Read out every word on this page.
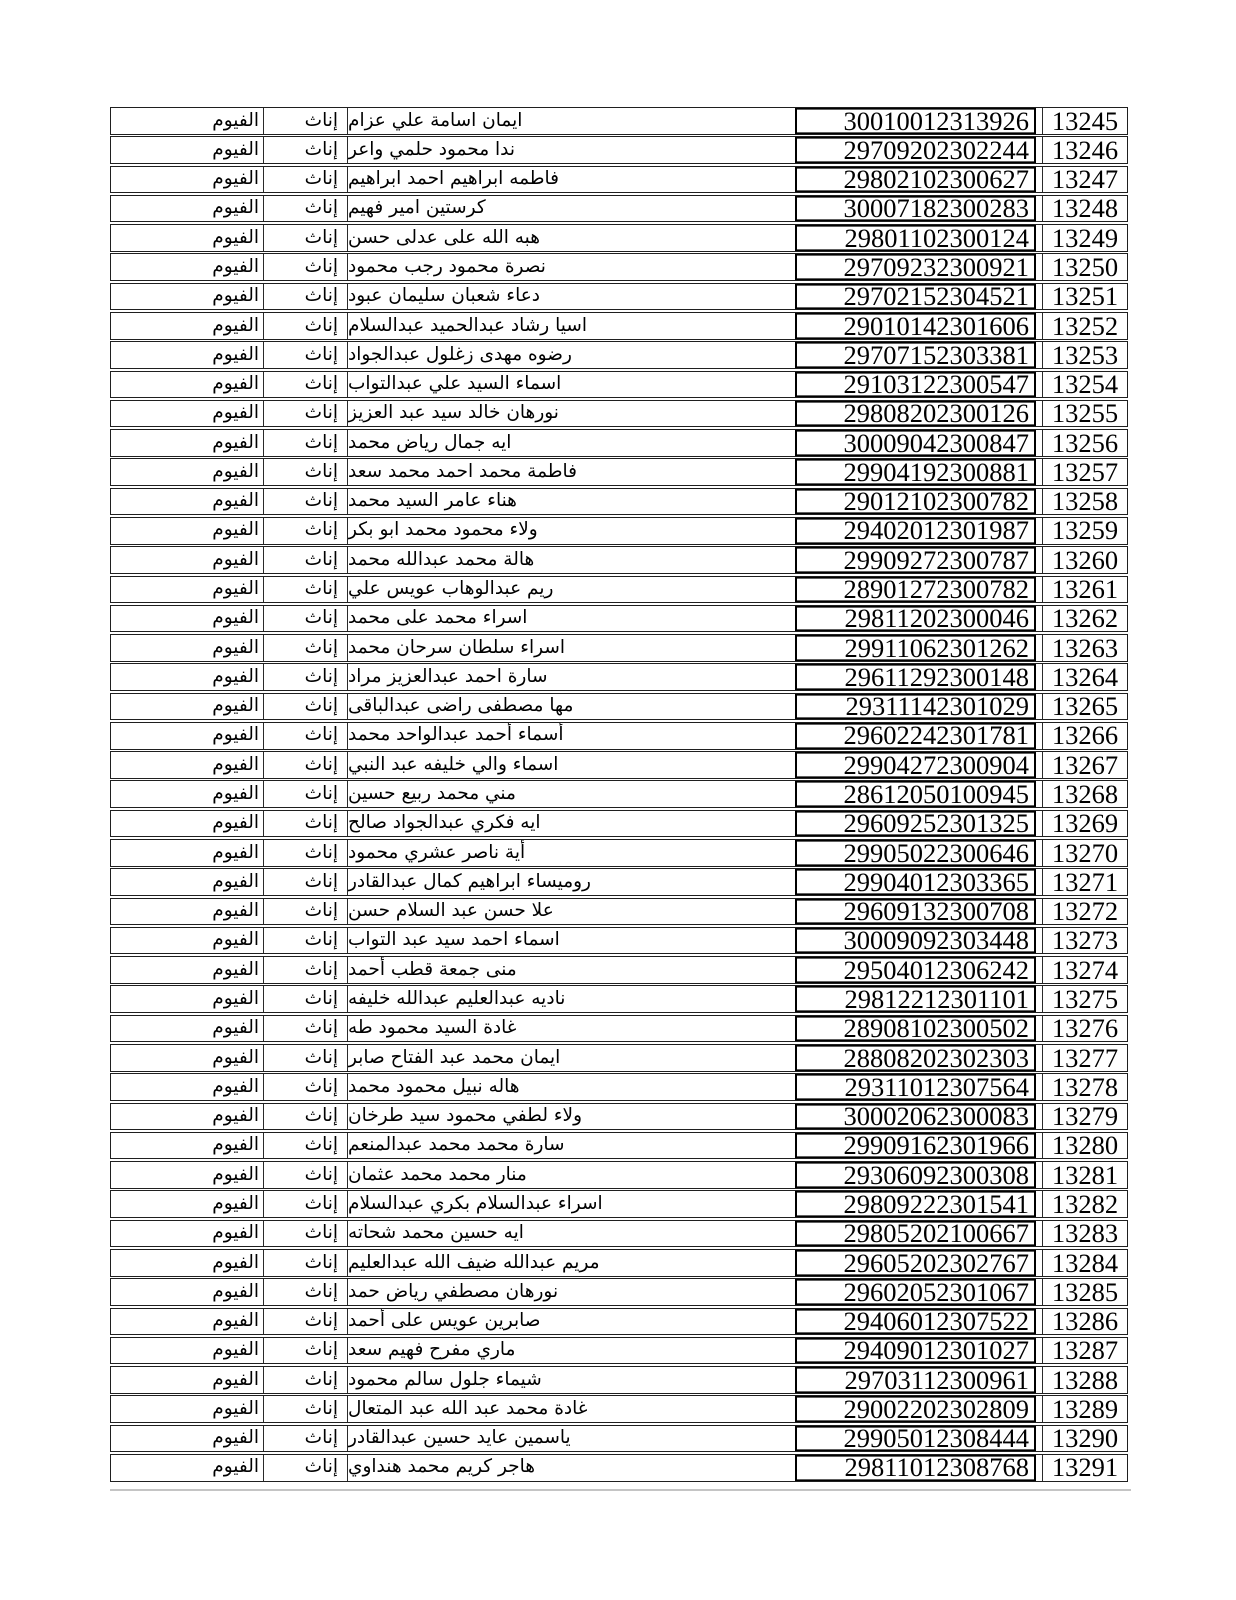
الفيوم	إناث ايمان اسامة علي عزام	30010012313926 13245
الفيوم	إناث ندا محمود حلمي واعر	29709202302244 13246
الفيوم	إناث فاطمه ابراهيم احمد ابراهيم	29802102300627 13247
الفيوم	إناث كرستين امير فهيم	30007182300283 13248
الفيوم	إناث هبه الله على عدلى حسن	29801102300124 13249
الفيوم	إناث نصرة محمود رجب محمود	29709232300921 13250
الفيوم	إناث دعاء شعبان سليمان عبود	29702152304521 13251
الفيوم	إناث اسيا رشاد عبدالحميد عبدالسلام	29010142301606 13252
الفيوم	إناث رضوه مهدى زغلول عبدالجواد	29707152303381 13253
الفيوم	إناث اسماء السيد علي عبدالتواب	29103122300547 13254
الفيوم	إناث نورهان خالد سيد عبد العزيز	29808202300126 13255
الفيوم	إناث ايه جمال رياض محمد	30009042300847 13256
الفيوم	إناث فاطمة محمد احمد محمد سعد	29904192300881 13257
الفيوم	إناث هناء عامر السيد محمد	29012102300782 13258
الفيوم	إناث ولاء محمود محمد ابو بكر	29402012301987 13259
الفيوم	إناث هالة محمد عبدالله محمد	29909272300787 13260
الفيوم	إناث ريم عبدالوهاب عويس علي	28901272300782 13261
الفيوم	إناث اسراء محمد على محمد	29811202300046 13262
الفيوم	إناث اسراء سلطان سرحان محمد	29911062301262 13263
الفيوم	إناث سارة احمد عبدالعزيز مراد	29611292300148 13264
الفيوم	إناث مها مصطفى راضى عبدالباقى	29311142301029 13265
الفيوم	إناث أسماء أحمد عبدالواحد محمد	29602242301781 13266
الفيوم	إناث اسماء والي خليفه عبد النبي	29904272300904 13267
الفيوم	إناث مني محمد ربيع حسين	28612050100945 13268
الفيوم	إناث ايه فكري عبدالجواد صالح	29609252301325 13269
الفيوم	إناث أية ناصر عشري محمود	29905022300646 13270
الفيوم	إناث روميساء ابراهيم كمال عبدالقادر	29904012303365 13271
الفيوم	إناث علا حسن عبد السلام حسن	29609132300708 13272
الفيوم	إناث اسماء احمد سيد عبد التواب	30009092303448 13273
الفيوم	إناث منى جمعة قطب أحمد	29504012306242 13274
الفيوم	إناث ناديه عبدالعليم عبدالله خليفه	29812212301101 13275
الفيوم	إناث غادة السيد محمود طه	28908102300502 13276
الفيوم	إناث ايمان محمد عبد الفتاح صابر	28808202302303 13277
الفيوم	إناث هاله نبيل محمود محمد	29311012307564 13278
الفيوم	إناث ولاء لطفي محمود سيد طرخان	30002062300083 13279
الفيوم	إناث سارة محمد محمد عبدالمنعم	29909162301966 13280
الفيوم	إناث منار محمد محمد عثمان	29306092300308 13281
الفيوم	إناث اسراء عبدالسلام بكري عبدالسلام	29809222301541 13282
الفيوم	إناث ايه حسين محمد شحاته	29805202100667 13283
الفيوم	إناث مريم عبدالله ضيف الله عبدالعليم	29605202302767 13284
الفيوم	إناث نورهان مصطفي رياض حمد	29602052301067 13285
الفيوم	إناث صابرين عويس على أحمد	29406012307522 13286
الفيوم	إناث ماري مفرح فهيم سعد	29409012301027 13287
الفيوم	إناث شيماء جلول سالم محمود	29703112300961 13288
الفيوم	إناث غادة محمد عبد الله عبد المتعال	29002202302809 13289
الفيوم	إناث ياسمين عايد حسين عبدالقادر	29905012308444 13290
الفيوم	إناث هاجر كريم محمد هنداوي	29811012308768 13291
